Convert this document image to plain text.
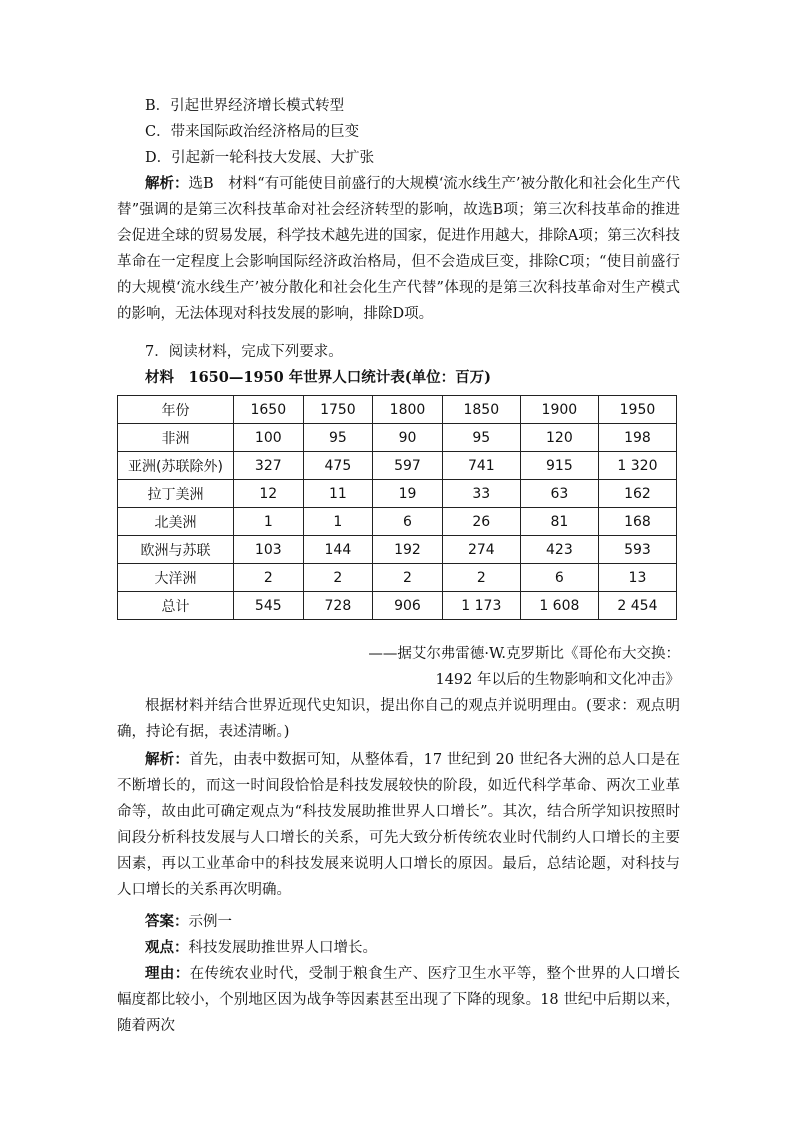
B．引起世界经济增长模式转型
C．带来国际政治经济格局的巨变
D．引起新一轮科技大发展、大扩张

解析：选B　材料“有可能使目前盛行的大规模‘流水线生产’被分散化和社会化生产代替”强调的是第三次科技革命对社会经济转型的影响，故选B项；第三次科技革命的推进会促进全球的贸易发展，科学技术越先进的国家，促进作用越大，排除A项；第三次科技革命在一定程度上会影响国际经济政治格局，但不会造成巨变，排除C项；“使目前盛行的大规模‘流水线生产’被分散化和社会化生产代替”体现的是第三次科技革命对生产模式的影响，无法体现对科技发展的影响，排除D项。

7．阅读材料，完成下列要求。
材料　1650—1950 年世界人口统计表(单位：百万)
年份	1650	1750	1800	1850	1900	1950
非洲	100	95	90	95	120	198
亚洲(苏联除外)	327	475	597	741	915	1 320
拉丁美洲	12	11	19	33	63	162
北美洲	1	1	6	26	81	168
欧洲与苏联	103	144	192	274	423	593
大洋洲	2	2	2	2	6	13
总计	545	728	906	1 173	1 608	2 454
——据艾尔弗雷德·W.克罗斯比《哥伦布大交换：
1492 年以后的生物影响和文化冲击》

根据材料并结合世界近现代史知识，提出你自己的观点并说明理由。(要求：观点明确，持论有据，表述清晰。)

解析：首先，由表中数据可知，从整体看，17 世纪到 20 世纪各大洲的总人口是在不断增长的，而这一时间段恰恰是科技发展较快的阶段，如近代科学革命、两次工业革命等，故由此可确定观点为“科技发展助推世界人口增长”。其次，结合所学知识按照时间段分析科技发展与人口增长的关系，可先大致分析传统农业时代制约人口增长的主要因素，再以工业革命中的科技发展来说明人口增长的原因。最后，总结论题，对科技与人口增长的关系再次明确。

答案：示例一
观点：科技发展助推世界人口增长。

理由：在传统农业时代，受制于粮食生产、医疗卫生水平等，整个世界的人口增长幅度都比较小，个别地区因为战争等因素甚至出现了下降的现象。18 世纪中后期以来，随着两次
